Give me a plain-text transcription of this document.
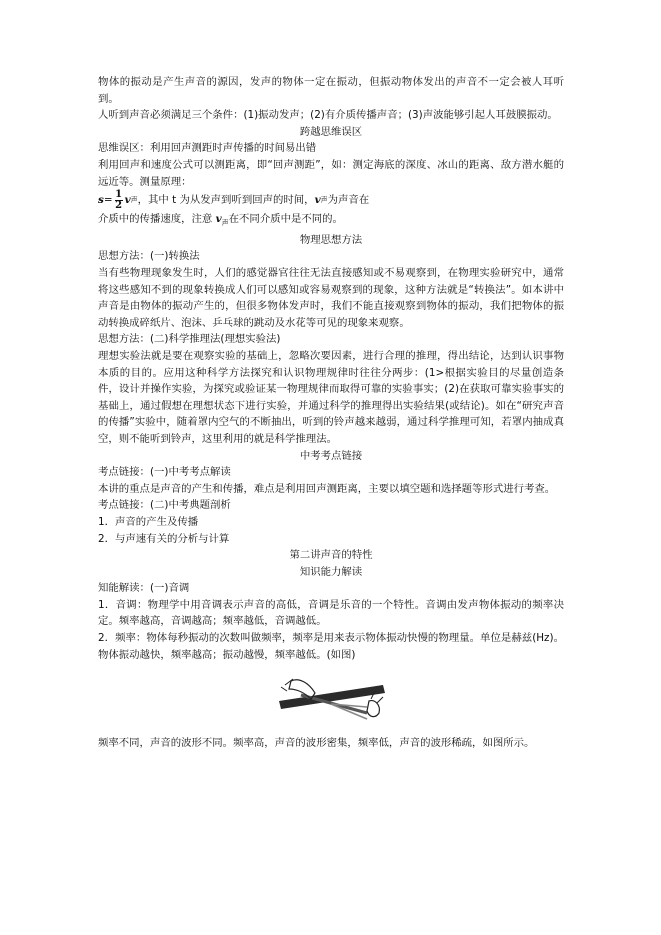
物体的振动是产生声音的源因，发声的物体一定在振动，但振动物体发出的声音不一定会被人耳听到。

人听到声音必须满足三个条件：(1)振动发声；(2)有介质传播声音；(3)声波能够引起人耳鼓膜振动。

跨越思维误区

思维误区：利用回声测距时声传播的时间易出错

利用回声和速度公式可以测距离，即“回声测距”，如：测定海底的深度、冰山的距离、敌方潜水艇的远近等。测量原理：

$s = \frac{1}{2}$ v 声 ，其中 t 为从发声到听到回声的时间， v 声 为声音在

介质中的传播速度，注意 $v_声$在不同介质中是不同的。

物理思想方法

思想方法：(一)转换法

当有些物理现象发生时，人们的感觉器官往往无法直接感知或不易观察到，在物理实验研究中，通常将这些感知不到的现象转换成人们可以感知或容易观察到的现象，这种方法就是“转换法”。如本讲中声音是由物体的振动产生的，但很多物体发声时，我们不能直接观察到物体的振动，我们把物体的振动转换成碎纸片、泡沫、乒乓球的跳动及水花等可见的现象来观察。

思想方法：(二)科学推理法(理想实验法)

理想实验法就是要在观察实验的基础上，忽略次要因素，进行合理的推理，得出结论，达到认识事物本质的目的。应用这种科学方法探究和认识物理规律时往往分两步：(1>根据实验目的尽量创造条件，设计并操作实验，为探究或验证某一物理规律而取得可靠的实验事实；(2)在获取可靠实验事实的基础上，通过假想在理想状态下进行实验，并通过科学的推理得出实验结果(或结论)。如在“研究声音的传播”实验中，随着罩内空气的不断抽出，听到的铃声越来越弱，通过科学推理可知，若罩内抽成真空，则不能听到铃声，这里利用的就是科学推理法。

中考考点链接

考点链接：(一)中考考点解读

本讲的重点是声音的产生和传播，难点是利用回声测距离，主要以填空题和选择题等形式进行考查。

考点链接：(二)中考典题剖析

1．声音的产生及传播

2．与声速有关的分析与计算

第二讲声音的特性

知识能力解读

知能解读：(一)音调

1．音调：物理学中用音调表示声音的高低，音调是乐音的一个特性。音调由发声物体振动的频率决定。频率越高，音调越高；频率越低，音调越低。

2．频率：物体每秒振动的次数叫做频率，频率是用来表示物体振动快慢的物理量。单位是赫兹(Hz)。物体振动越快，频率越高；振动越慢，频率越低。(如图)

频率不同，声音的波形不同。频率高，声音的波形密集，频率低，声音的波形稀疏，如图所示。
